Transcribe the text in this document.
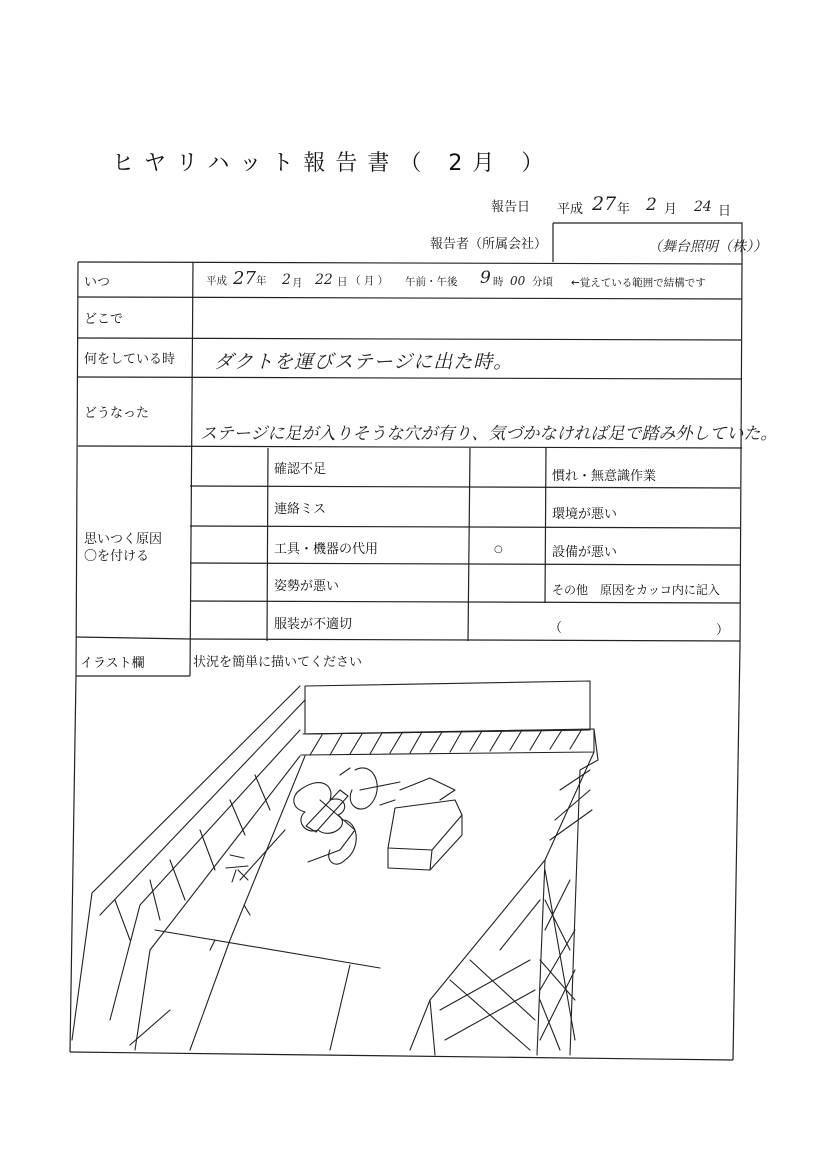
ヒヤリハット報告書（ 2月 ）
報告日 平成 27 年 2 月 24 日
報告者（所属会社）	（舞台照明（株））
いつ
どこで
何をしている時
どうなった
思いつく原因
〇を付ける
イラスト欄
平成 27 年 2 月 22 日 （ 月 ） 午前・午後 9 時 00 分頃 ←覚えている範囲で結構です
ダクトを運びステージに出た時。
ステージに足が入りそうな穴が有り、気づかなければ足で踏み外していた。
確認不足
連絡ミス
工具・機器の代用
姿勢が悪い
服装が不適切
○
慣れ・無意識作業
環境が悪い
設備が悪い
その他　原因をカッコ内に記入
（	）
状況を簡単に描いてください
